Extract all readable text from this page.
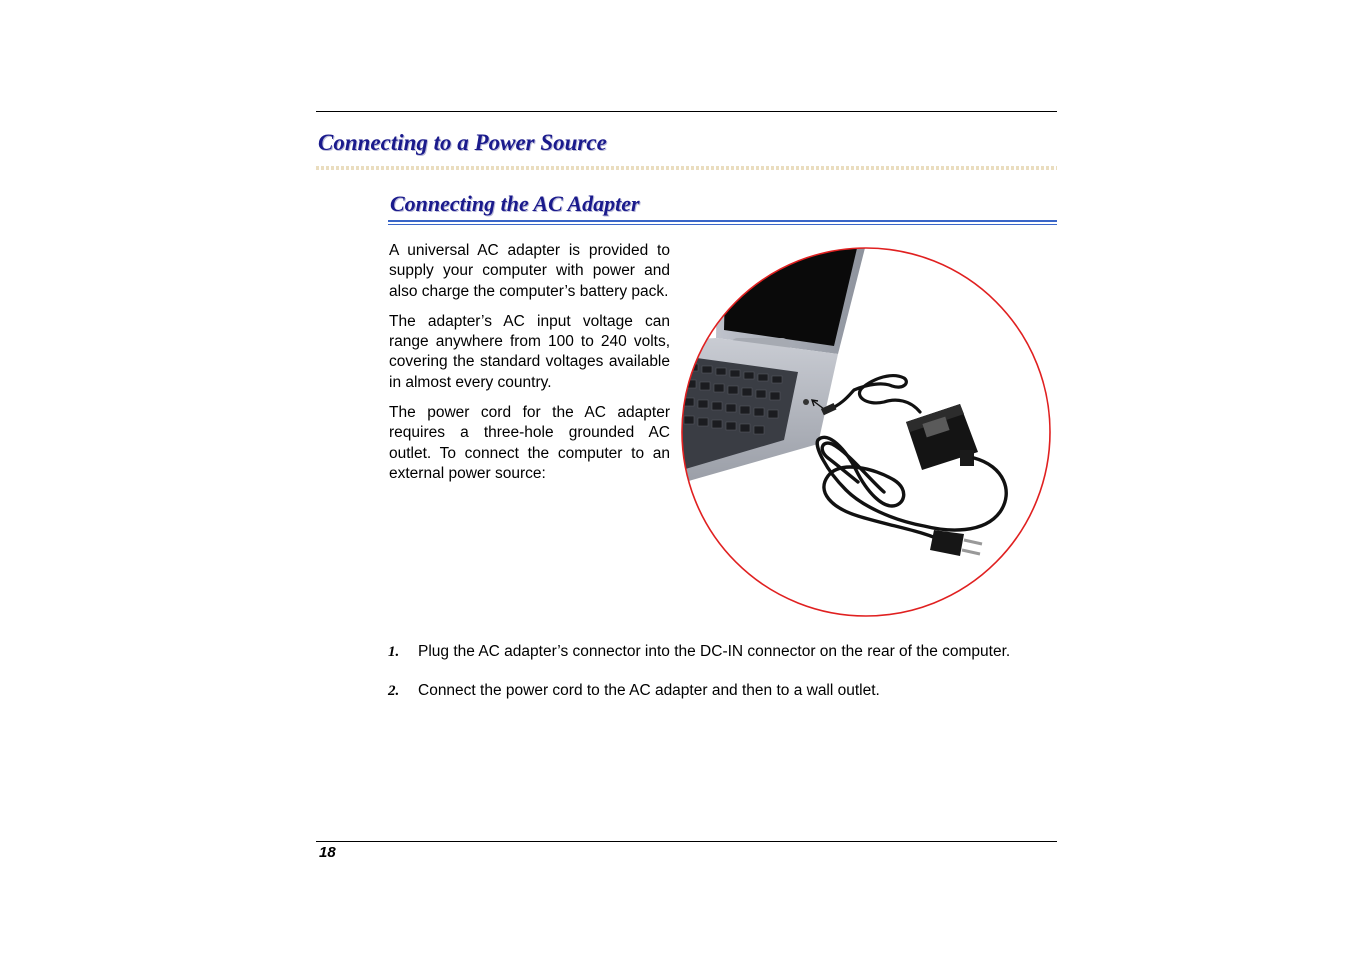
Connecting to a Power Source
Connecting the AC Adapter

A universal AC adapter is provided to supply your computer with power and also charge the computer’s battery pack.

The adapter’s AC input voltage can range anywhere from 100 to 240 volts, covering the standard voltages available in almost every country.

The power cord for the AC adapter requires a three-hole grounded AC outlet. To connect the computer to an external power source:

1. Plug the AC adapter’s connector into the DC-IN connector on the rear of the computer.
2. Connect the power cord to the AC adapter and then to a wall outlet.
18
